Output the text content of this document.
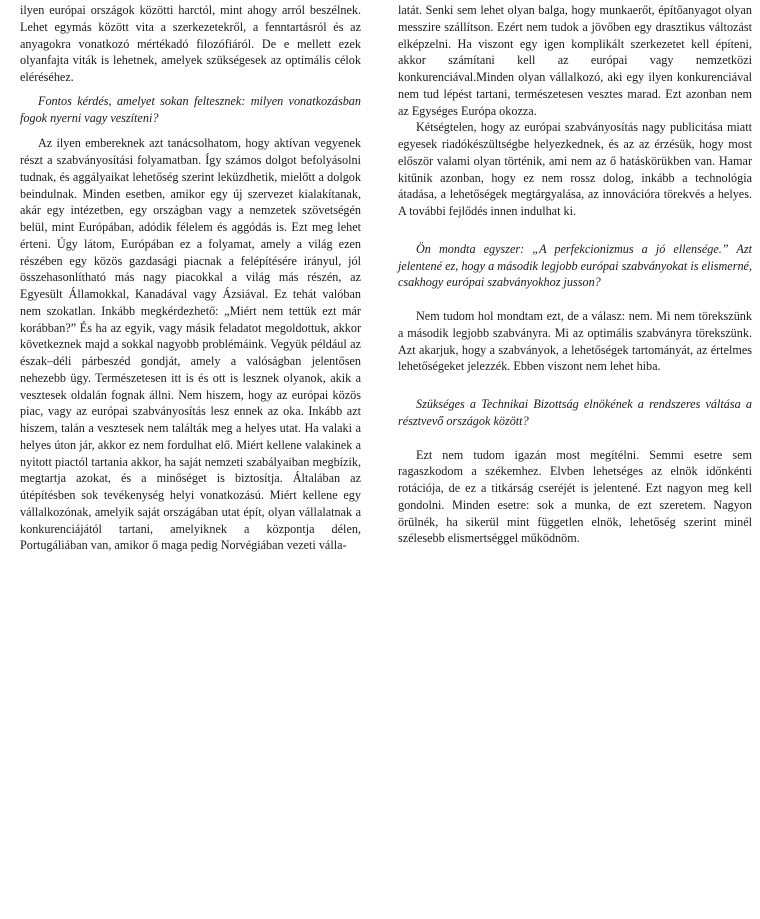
ilyen európai országok közötti harctól, mint ahogy arról beszélnek. Lehet egymás között vita a szerkezetekről, a fenntartásról és az anyagokra vonatkozó mértékadó filozófiáról. De e mellett ezek olyanfajta viták is lehetnek, amelyek szükségesek az optimális célok eléréséhez.

Fontos kérdés, amelyet sokan feltesznek: milyen vonatkozásban fogok nyerni vagy veszíteni?

Az ilyen embereknek azt tanácsolhatom, hogy aktívan vegyenek részt a szabványosítási folyamatban. Így számos dolgot befolyásolni tudnak, és aggályaikat lehetőség szerint leküzdhetik, mielőtt a dolgok beindulnak. Minden esetben, amikor egy új szervezet kialakítanak, akár egy intézetben, egy országban vagy a nemzetek szövetségén belül, mint Európában, adódik félelem és aggódás is. Ezt meg lehet érteni. Úgy látom, Európában ez a folyamat, amely a világ ezen részében egy közös gazdasági piacnak a felépítésére irányul, jól összehasonlítható más nagy piacokkal a világ más részén, az Egyesült Államokkal, Kanadával vagy Ázsiával. Ez tehát valóban nem szokatlan. Inkább megkérdezhető: „Miért nem tettük ezt már korábban?” És ha az egyik, vagy másik feladatot megoldottuk, akkor következnek majd a sokkal nagyobb problémáink. Vegyük például az észak–déli párbeszéd gondját, amely a valóságban jelentősen nehezebb ügy. Természetesen itt is és ott is lesznek olyanok, akik a vesztesek oldalán fognak állni. Nem hiszem, hogy az európai közös piac, vagy az európai szabványosítás lesz ennek az oka. Inkább azt hiszem, talán a vesztesek nem találták meg a helyes utat. Ha valaki a helyes úton jár, akkor ez nem fordulhat elő. Miért kellene valakinek a nyitott piactól tartania akkor, ha saját nemzeti szabályaiban megbízik, megtartja azokat, és a minőséget is biztosítja. Általában az útépítésben sok tevékenység helyi vonatkozású. Miért kellene egy vállalkozónak, amelyik saját országában utat épít, olyan vállalatnak a konkurenciájától tartani, amelyiknek a központja délen, Portugáliában van, amikor ő maga pedig Norvégiában vezeti válla-

latát. Senki sem lehet olyan balga, hogy munkaerőt, építőanyagot olyan messzire szállítson. Ezért nem tudok a jövőben egy drasztikus változást elképzelni. Ha viszont egy igen komplikált szerkezetet kell építeni, akkor számítani kell az európai vagy nemzetközi konkurenciával.Minden olyan vállalkozó, aki egy ilyen konkurenciával nem tud lépést tartani, természetesen vesztes marad. Ezt azonban nem az Egységes Európa okozza.

Kétségtelen, hogy az európai szabványosítás nagy publicitása miatt egyesek riadókészültségbe helyezkednek, és az az érzésük, hogy most először valami olyan történik, ami nem az ő hatáskörükben van. Hamar kitűnik azonban, hogy ez nem rossz dolog, inkább a technológia átadása, a lehetőségek megtárgyalása, az innovációra törekvés a helyes. A további fejlődés innen indulhat ki.

Ön mondta egyszer: „A perfekcionizmus a jó ellensége.” Azt jelentené ez, hogy a második legjobb európai szabványokat is elismerné, csakhogy európai szabványokhoz jusson?

Nem tudom hol mondtam ezt, de a válasz: nem. Mi nem törekszünk a második legjobb szabványra. Mi az optimális szabványra törekszünk. Azt akarjuk, hogy a szabványok, a lehetőségek tartományát, az értelmes lehetőségeket jelezzék. Ebben viszont nem lehet hiba.

Szükséges a Technikai Bizottság elnökének a rendszeres váltása a résztvevő országok között?

Ezt nem tudom igazán most megítélni. Semmi esetre sem ragaszkodom a székemhez. Elvben lehetséges az elnök időnkénti rotációja, de ez a titkárság cseréjét is jelentené. Ezt nagyon meg kell gondolni. Minden esetre: sok a munka, de ezt szeretem. Nagyon örülnék, ha sikerül mint független elnök, lehetőség szerint minél szélesebb elismertséggel működnöm.
